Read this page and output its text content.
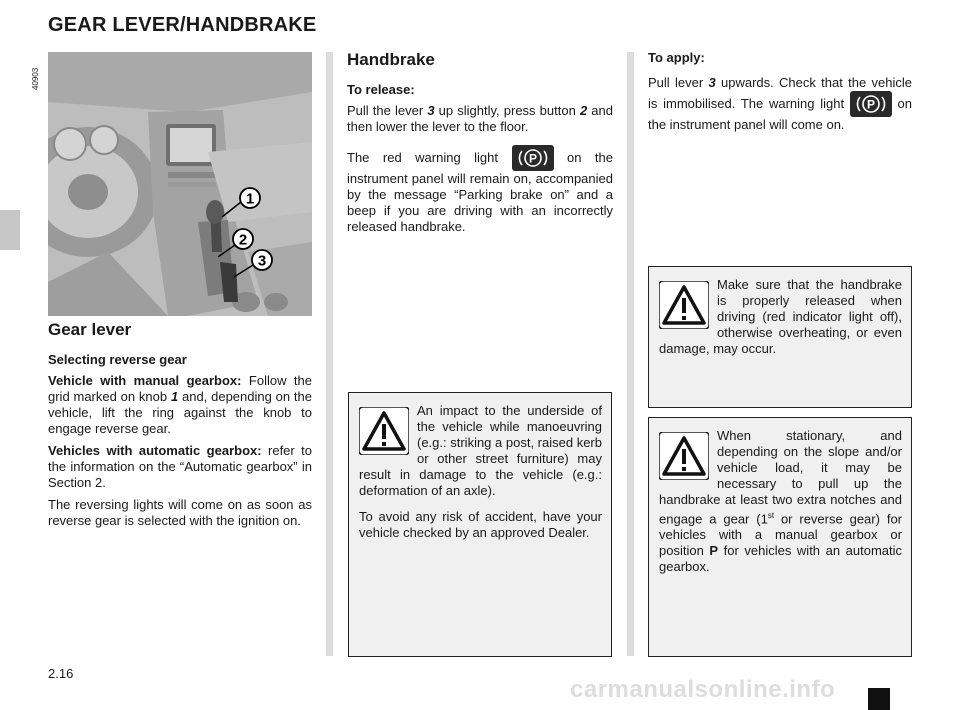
GEAR LEVER/HANDBRAKE
40903
1
2
3
Gear lever

Selecting reverse gear

Vehicle with manual gearbox: Follow the grid marked on knob 1 and, depending on the vehicle, lift the ring against the knob to engage reverse gear.

Vehicles with automatic gearbox: refer to the information on the “Automatic gearbox” in Section 2.

The reversing lights will come on as soon as reverse gear is selected with the ignition on.

Handbrake

To release:

Pull the lever 3 up slightly, press button 2 and then lower the lever to the floor.

The red warning light P on the instrument panel will remain on, accompanied by the message “Parking brake on” and a beep if you are driving with an incorrectly released handbrake.

An impact to the underside of the vehicle while manoeuvring (e.g.: striking a post, raised kerb or other street furniture) may result in damage to the vehicle (e.g.: deformation of an axle).

To avoid any risk of accident, have your vehicle checked by an approved Dealer.

To apply:

Pull lever 3 upwards. Check that the vehicle is immobilised. The warning light P on the instrument panel will come on.

Make sure that the handbrake is properly released when driving (red indicator light off), otherwise overheating, or even damage, may occur.

When stationary, and depending on the slope and/or vehicle load, it may be necessary to pull up the handbrake at least two extra notches and engage a gear (1st or reverse gear) for vehicles with a manual gearbox or position P for vehicles with an automatic gearbox.

2.16
carmanualsonline.info
